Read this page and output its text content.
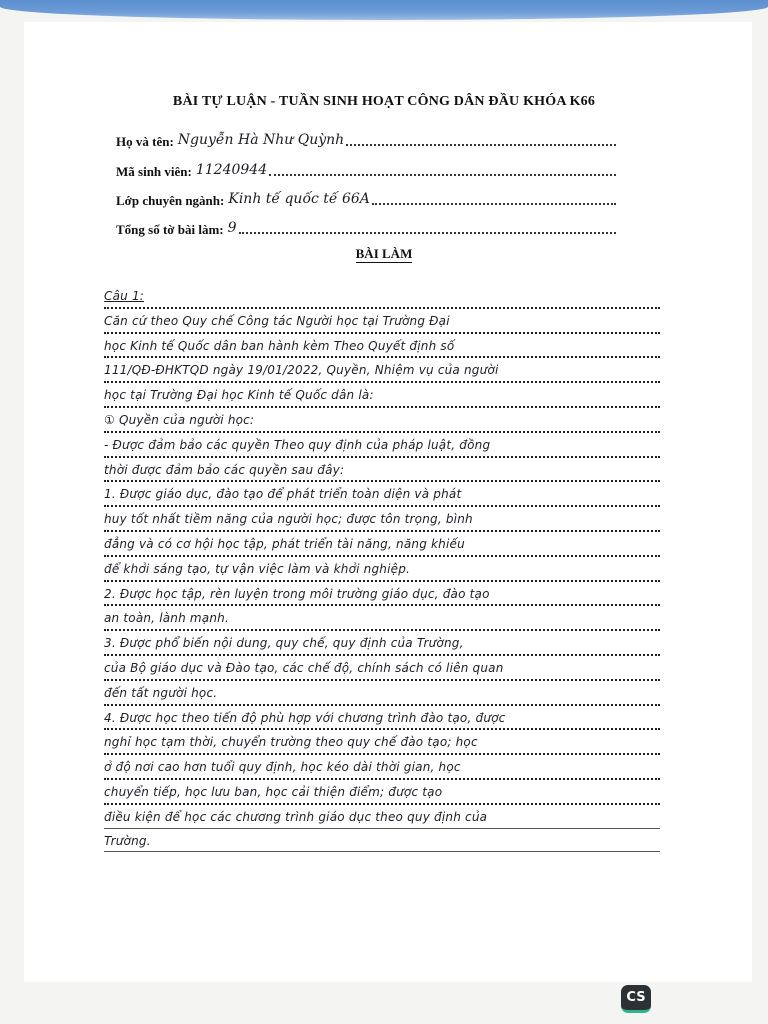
BÀI TỰ LUẬN - TUẦN SINH HOẠT CÔNG DÂN ĐẦU KHÓA K66
Họ và tên: Nguyễn Hà Như Quỳnh
Mã sinh viên: 11240944
Lớp chuyên ngành: Kinh tế quốc tế 66A
Tổng số tờ bài làm: 9
BÀI LÀM
Câu 1:
Căn cứ theo Quy chế Công tác Người học tại Trường Đại
học Kinh tế Quốc dân ban hành kèm Theo Quyết định số
111/QĐ-ĐHKTQD ngày 19/01/2022, Quyền, Nhiệm vụ của người
học tại Trường Đại học Kinh tế Quốc dân là:
① Quyền của người học:
- Được đảm bảo các quyền Theo quy định của pháp luật, đồng
thời được đảm bảo các quyền sau đây:
1. Được giáo dục, đào tạo để phát triển toàn diện và phát
huy tốt nhất tiềm năng của người học; được tôn trọng, bình
đẳng và có cơ hội học tập, phát triển tài năng, năng khiếu
để khởi sáng tạo, tự vận việc làm và khởi nghiệp.
2. Được học tập, rèn luyện trong môi trường giáo dục, đào tạo
an toàn, lành mạnh.
3. Được phổ biến nội dung, quy chế, quy định của Trường,
của Bộ giáo dục và Đào tạo, các chế độ, chính sách có liên quan
đến tất người học.
4. Được học theo tiến độ phù hợp với chương trình đào tạo, được
nghỉ học tạm thời, chuyển trường theo quy chế đào tạo; học
ở độ nơi cao hơn tuổi quy định, học kéo dài thời gian, học
chuyển tiếp, học lưu ban, học cải thiện điểm; được tạo
điều kiện để học các chương trình giáo dục theo quy định của
Trường.
CS
